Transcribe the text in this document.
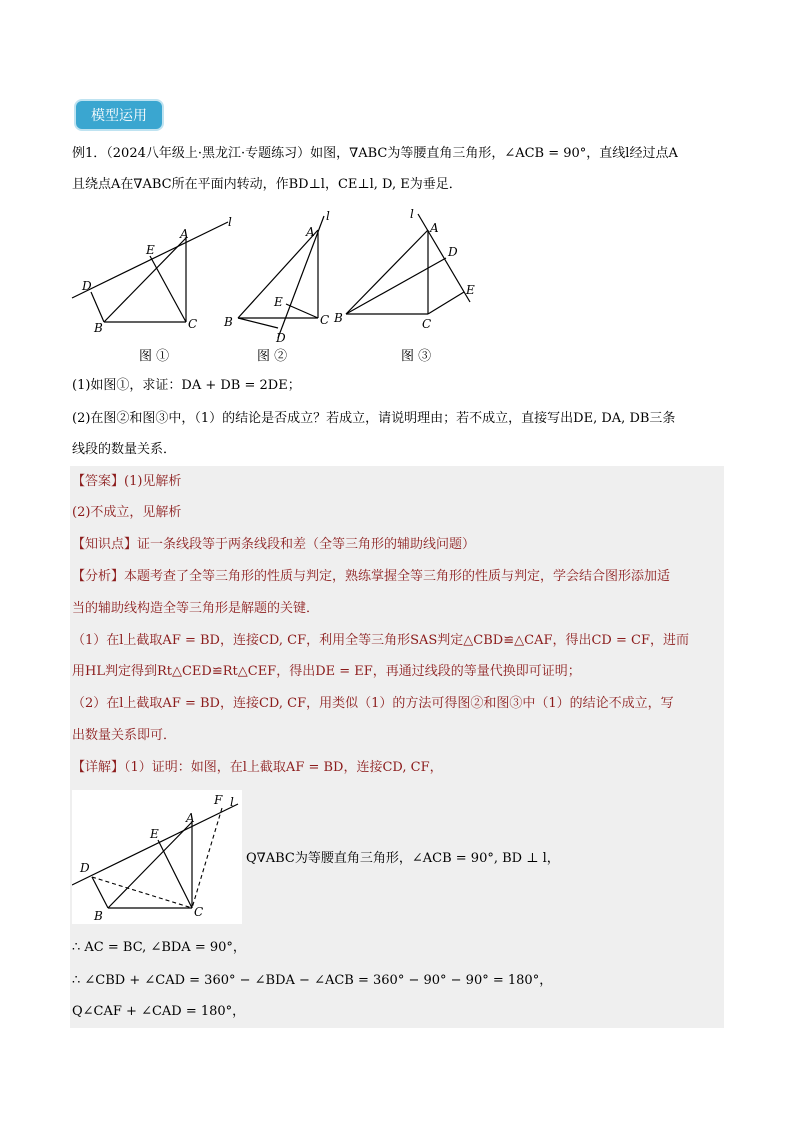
模型运用
例1．（2024八年级上·黑龙江·专题练习）如图，∇ABC为等腰直角三角形，∠ACB = 90°，直线l经过点A
且绕点A在∇ABC所在平面内转动，作BD⊥l，CE⊥l, D, E为垂足．
l
A
E
D
B	C
图 ①
l
A
E
B	C
D
图 ②
l
A
D
E
B	C
图 ③
(1)如图①，求证：DA + DB = 2DE；
(2)在图②和图③中，（1）的结论是否成立？若成立，请说明理由；若不成立，直接写出DE, DA, DB三条
线段的数量关系．
【答案】(1)见解析
(2)不成立，见解析
【知识点】证一条线段等于两条线段和差（全等三角形的辅助线问题）
【分析】本题考查了全等三角形的性质与判定，熟练掌握全等三角形的性质与判定，学会结合图形添加适
当的辅助线构造全等三角形是解题的关键．
（1）在l上截取AF = BD，连接CD, CF，利用全等三角形SAS判定△CBD≌△CAF，得出CD = CF，进而
用HL判定得到Rt△CED≌Rt△CEF，得出DE = EF，再通过线段的等量代换即可证明；
（2）在l上截取AF = BD，连接CD, CF，用类似（1）的方法可得图②和图③中（1）的结论不成立，写
出数量关系即可．
【详解】（1）证明：如图，在l上截取AF = BD，连接CD, CF，
l
F
A
E
D
B	C
Q∇ABC为等腰直角三角形，∠ACB = 90°, BD ⊥ l，
∴ AC = BC, ∠BDA = 90°，
∴ ∠CBD + ∠CAD = 360° − ∠BDA − ∠ACB = 360° − 90° − 90° = 180°，
Q∠CAF + ∠CAD = 180°，
